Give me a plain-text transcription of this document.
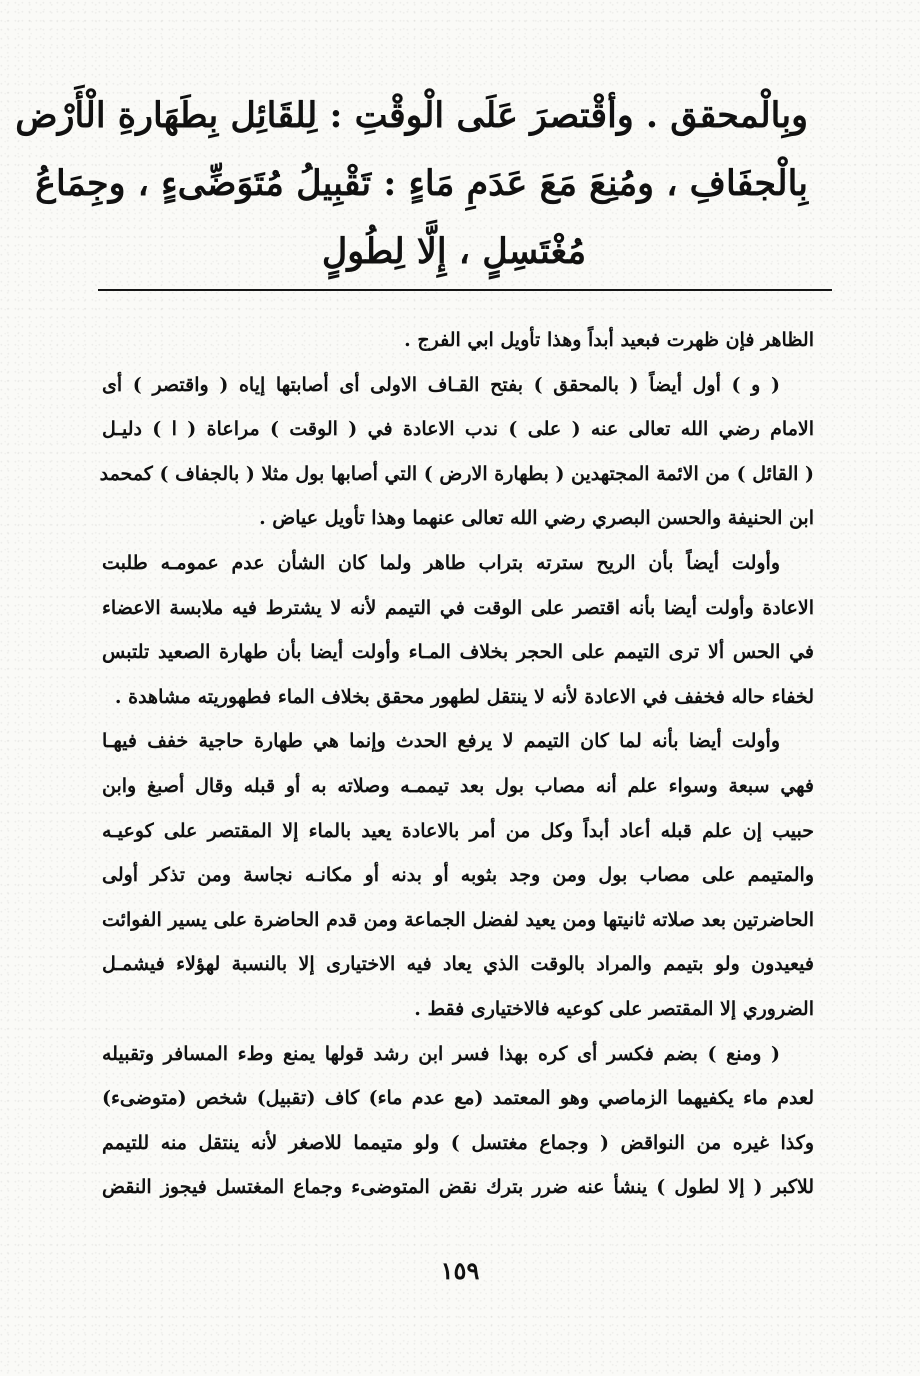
وبِالْمحقق . وأقْتصرَ عَلَى الْوقْتِ : لِلقَائِل بِطَهَارةِ الْأَرْض
بِالْجفَافِ ، ومُنِعَ مَعَ عَدَمِ مَاءٍ : تَقْبِيلُ مُتَوَضِّىءٍ ، وجِمَاعُ
مُغْتَسِلٍ ، إِلَّا لِطُولٍ
الظاهر فإن ظهرت فبعيد أبداً وهذا تأويل ابي الفرج .
( و ) أول أيضاً ( بالمحقق ) بفتح القـاف الاولى أى أصابتها إياه ( واقتصر ) أى
الامام رضي الله تعالى عنه ( على ) ندب الاعادة في ( الوقت ) مراعاة ( ا ) دليـل
( القائل ) من الائمة المجتهدين ( بطهارة الارض ) التي أصابها بول مثلا ( بالجفاف ) كمحمد
ابن الحنيفة والحسن البصري رضي الله تعالى عنهما وهذا تأويل عياض .
وأولت أيضاً بأن الريح سترته بتراب طاهر ولما كان الشأن عدم عمومـه طلبت
الاعادة وأولت أيضا بأنه اقتصر على الوقت في التيمم لأنه لا يشترط فيه ملابسة الاعضاء
في الحس ألا ترى التيمم على الحجر بخلاف المـاء وأولت أيضا بأن طهارة الصعيد تلتبس
لخفاء حاله فخفف في الاعادة لأنه لا ينتقل لطهور محقق بخلاف الماء فطهوريته مشاهدة .
وأولت أيضا بأنه لما كان التيمم لا يرفع الحدث وإنما هي طهارة حاجية خفف فيهـا
فهي سبعة وسواء علم أنه مصاب بول بعد تيممـه وصلاته به أو قبله وقال أصبغ وابن
حبيب إن علم قبله أعاد أبداً وكل من أمر بالاعادة يعيد بالماء إلا المقتصر على كوعيـه
والمتيمم على مصاب بول ومن وجد بثوبه أو بدنه أو مكانـه نجاسة ومن تذكر أولى
الحاضرتين بعد صلاته ثانيتها ومن يعيد لفضل الجماعة ومن قدم الحاضرة على يسير الفوائت
فيعيدون ولو بتيمم والمراد بالوقت الذي يعاد فيه الاختيارى إلا بالنسبة لهؤلاء فيشمـل
الضروري إلا المقتصر على كوعيه فالاختيارى فقط .
( ومنع ) بضم فكسر أى كره بهذا فسر ابن رشد قولها يمنع وطء المسافر وتقبيله
لعدم ماء يكفيهما الزماصي وهو المعتمد (مع عدم ماء) كاف (تقبيل) شخص (متوضىء)
وكذا غيره من النواقض ( وجماع مغتسل ) ولو متيمما للاصغر لأنه ينتقل منه للتيمم
للاكبر ( إلا لطول ) ينشأ عنه ضرر بترك نقض المتوضىء وجماع المغتسل فيجوز النقض
١٥٩
